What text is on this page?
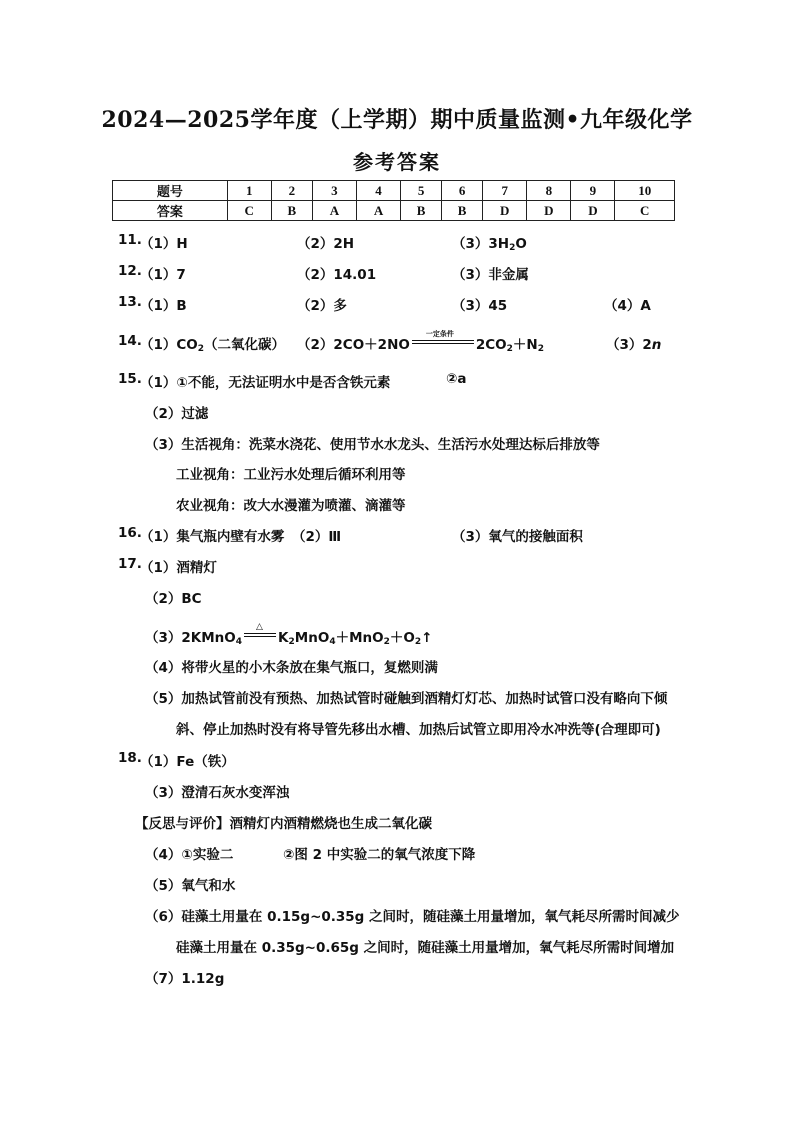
2024—2025学年度（上学期）期中质量监测•九年级化学
参考答案
题号	1	2	3	4	5	6	7	8	9	10
答案	C	B	A	A	B	B	D	D	D	C
11.
（1）H	（2）2H	$(3)3H_2O$
12.
（1）7	（2）14.01	（3）非金属
13.
（1）B	（2）多	（3）45	（4）A
14.
$(1)CO_2$（二氧化碳） （2）2CO＋2NO
一定条件
$2CO_2+N_2$	（3）2n
15.
（1）①不能，无法证明水中是否含铁元素	②a
（2）过滤
（3）生活视角：洗菜水浇花、使用节水水龙头、生活污水处理达标后排放等
工业视角：工业污水处理后循环利用等
农业视角：改大水漫灌为喷灌、滴灌等
16.
（1）集气瓶内壁有水雾 （2）Ⅲ	（3）氧气的接触面积
17.
（1）酒精灯
（2）BC
（3）2KMnO$_4$
△
$K_2MnO_4+MnO_2+O_2↑$
（4）将带火星的小木条放在集气瓶口，复燃则满
（5）加热试管前没有预热、加热试管时碰触到酒精灯灯芯、加热时试管口没有略向下倾
斜、停止加热时没有将导管先移出水槽、加热后试管立即用冷水冲洗等(合理即可)
18.
（1）Fe（铁）
（3）澄清石灰水变浑浊
【反思与评价】酒精灯内酒精燃烧也生成二氧化碳
（4）①实验二	②图 2 中实验二的氧气浓度下降
（5）氧气和水
（6）硅藻土用量在 0.15g~0.35g 之间时，随硅藻土用量增加，氧气耗尽所需时间减少
硅藻土用量在 0.35g~0.65g 之间时，随硅藻土用量增加，氧气耗尽所需时间增加
（7）1.12g
